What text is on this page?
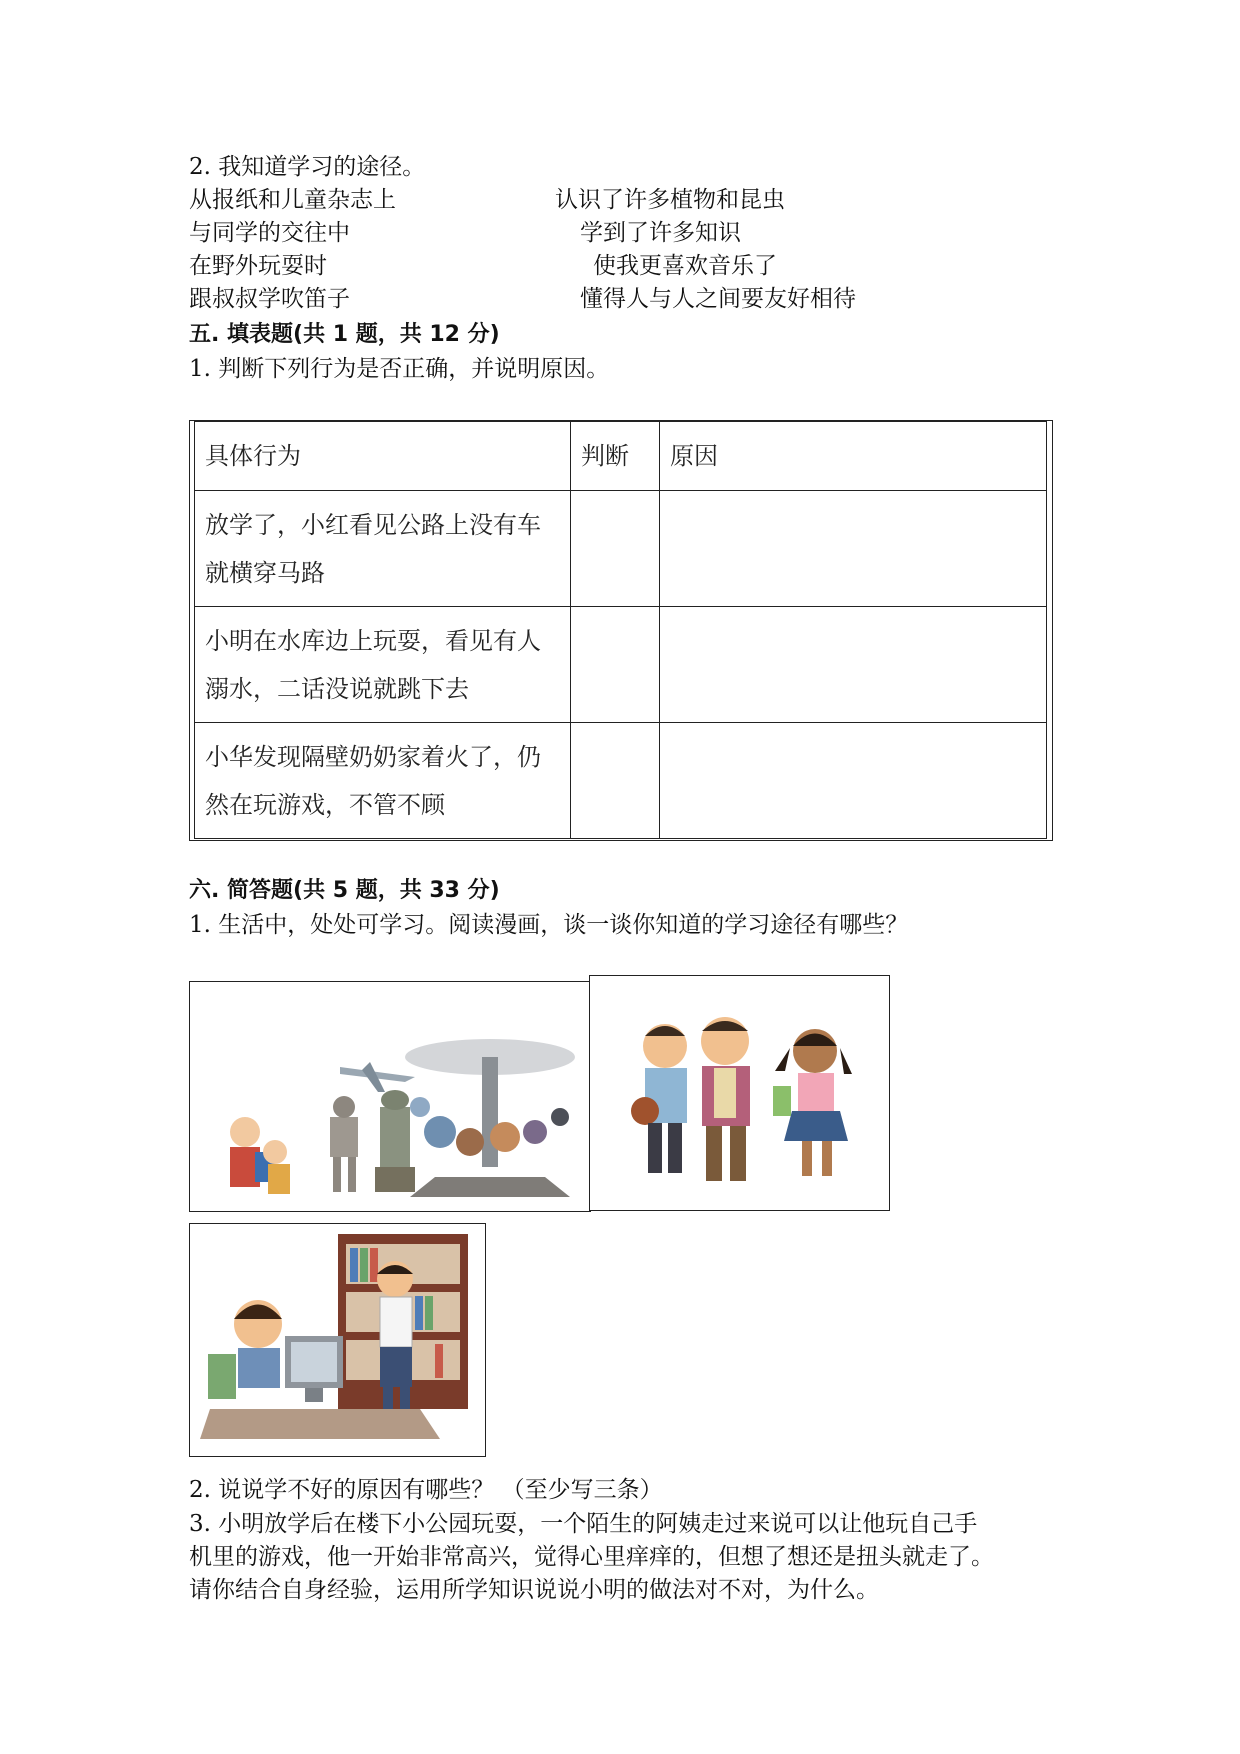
2. 我知道学习的途径。
从报纸和儿童杂志上	认识了许多植物和昆虫
与同学的交往中	学到了许多知识
在野外玩耍时	使我更喜欢音乐了
跟叔叔学吹笛子	懂得人与人之间要友好相待
五. 填表题(共 1 题，共 12 分)
1. 判断下列行为是否正确，并说明原因。
具体行为	判断	原因

放学了，小红看见公路上没有车
就横穿马路		

小明在水库边上玩耍，看见有人
溺水，二话没说就跳下去		

小华发现隔壁奶奶家着火了，仍
然在玩游戏，不管不顾		

六. 简答题(共 5 题，共 33 分)
1. 生活中，处处可学习。阅读漫画，谈一谈你知道的学习途径有哪些？
2. 说说学不好的原因有哪些？ （至少写三条）
3. 小明放学后在楼下小公园玩耍，一个陌生的阿姨走过来说可以让他玩自己手
机里的游戏，他一开始非常高兴，觉得心里痒痒的，但想了想还是扭头就走了。
请你结合自身经验，运用所学知识说说小明的做法对不对，为什么。
